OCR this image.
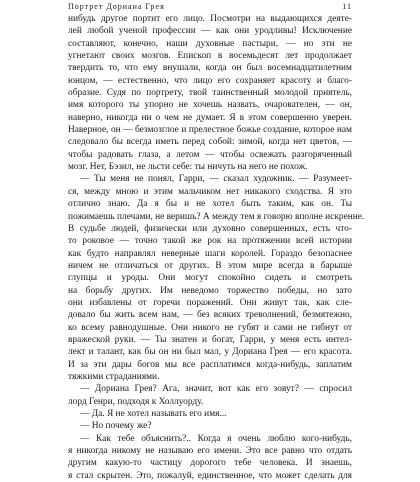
Портрет Дориана Грея	11
нибудь другое портит его лицо. Посмотри на выдающихся деяте-
лей любой ученой профессии — как они уродливы! Исключение
составляют, конечно, наши духовные пастыри, — но эти не
угнетают своих мозгов. Епископ в восемьдесят лет продолжает
твердить то, что ему внушали, когда он был восемнадцатилетним
юнцом, — естественно, что лицо его сохраняет красоту и благо-
образие. Судя по портрету, твой таинственный молодой приятель,
имя которого ты упорно не хочешь назвать, очарователен, — он,
наверно, никогда ни о чем не думает. Я в этом совершенно уверен.
Наверное, он — безмозглое и прелестное божье создание, которое нам
следовало бы всегда иметь перед собой: зимой, когда нет цветов, —
чтобы радовать глаза, а летом — чтобы освежать разгоряченный
мозг. Нет, Бэзил, не льсти себе: ты ничуть на него не похож.
— Ты меня не понял, Гарри, — сказал художник. — Разумеет-
ся, между мною и этим мальчиком нет никакого сходства. Я это
отлично знаю. Да я бы и не хотел быть таким, как он. Ты
пожимаешь плечами, не веришь? А между тем я говорю вполне искренне.
В судьбе людей, физически или духовно совершенных, есть что-
то роковое — точно такой же рок на протяжении всей истории
как будто направлял неверные шаги королей. Гораздо безопаснее
ничем не отличаться от других. В этом мире всегда в барыше
глупцы и уроды. Они могут спокойно сидеть и смотреть
на борьбу других. Им неведомо торжество победы, но зато
они избавлены от горечи поражений. Они живут так, как сле-
довало бы жить всем нам, — без всяких треволнений, безмятежно,
ко всему равнодушные. Они никого не губят и сами не гибнут от
вражеской руки. — Ты знатен и богат, Гарри, у меня есть интел-
лект и талант, как бы он ни был мал, у Дориана Грея — его красота.
И за эти дары богов мы все расплатимся когда-нибудь, заплатим
тяжкими страданиями.
— Дориана Грея? Ага, значит, вот как его зовут? — спросил
лорд Генри, подходя к Холлуорду.
— Да. Я не хотел называть его имя...
— Но почему же?
— Как тебе объяснить?.. Когда я очень люблю кого-нибудь,
я никогда никому не называю его имени. Это все равно что отдать
другим какую-то частицу дорогого тебе человека. И знаешь,
я стал скрытен. Это, пожалуй, единственное, что может сделать для
